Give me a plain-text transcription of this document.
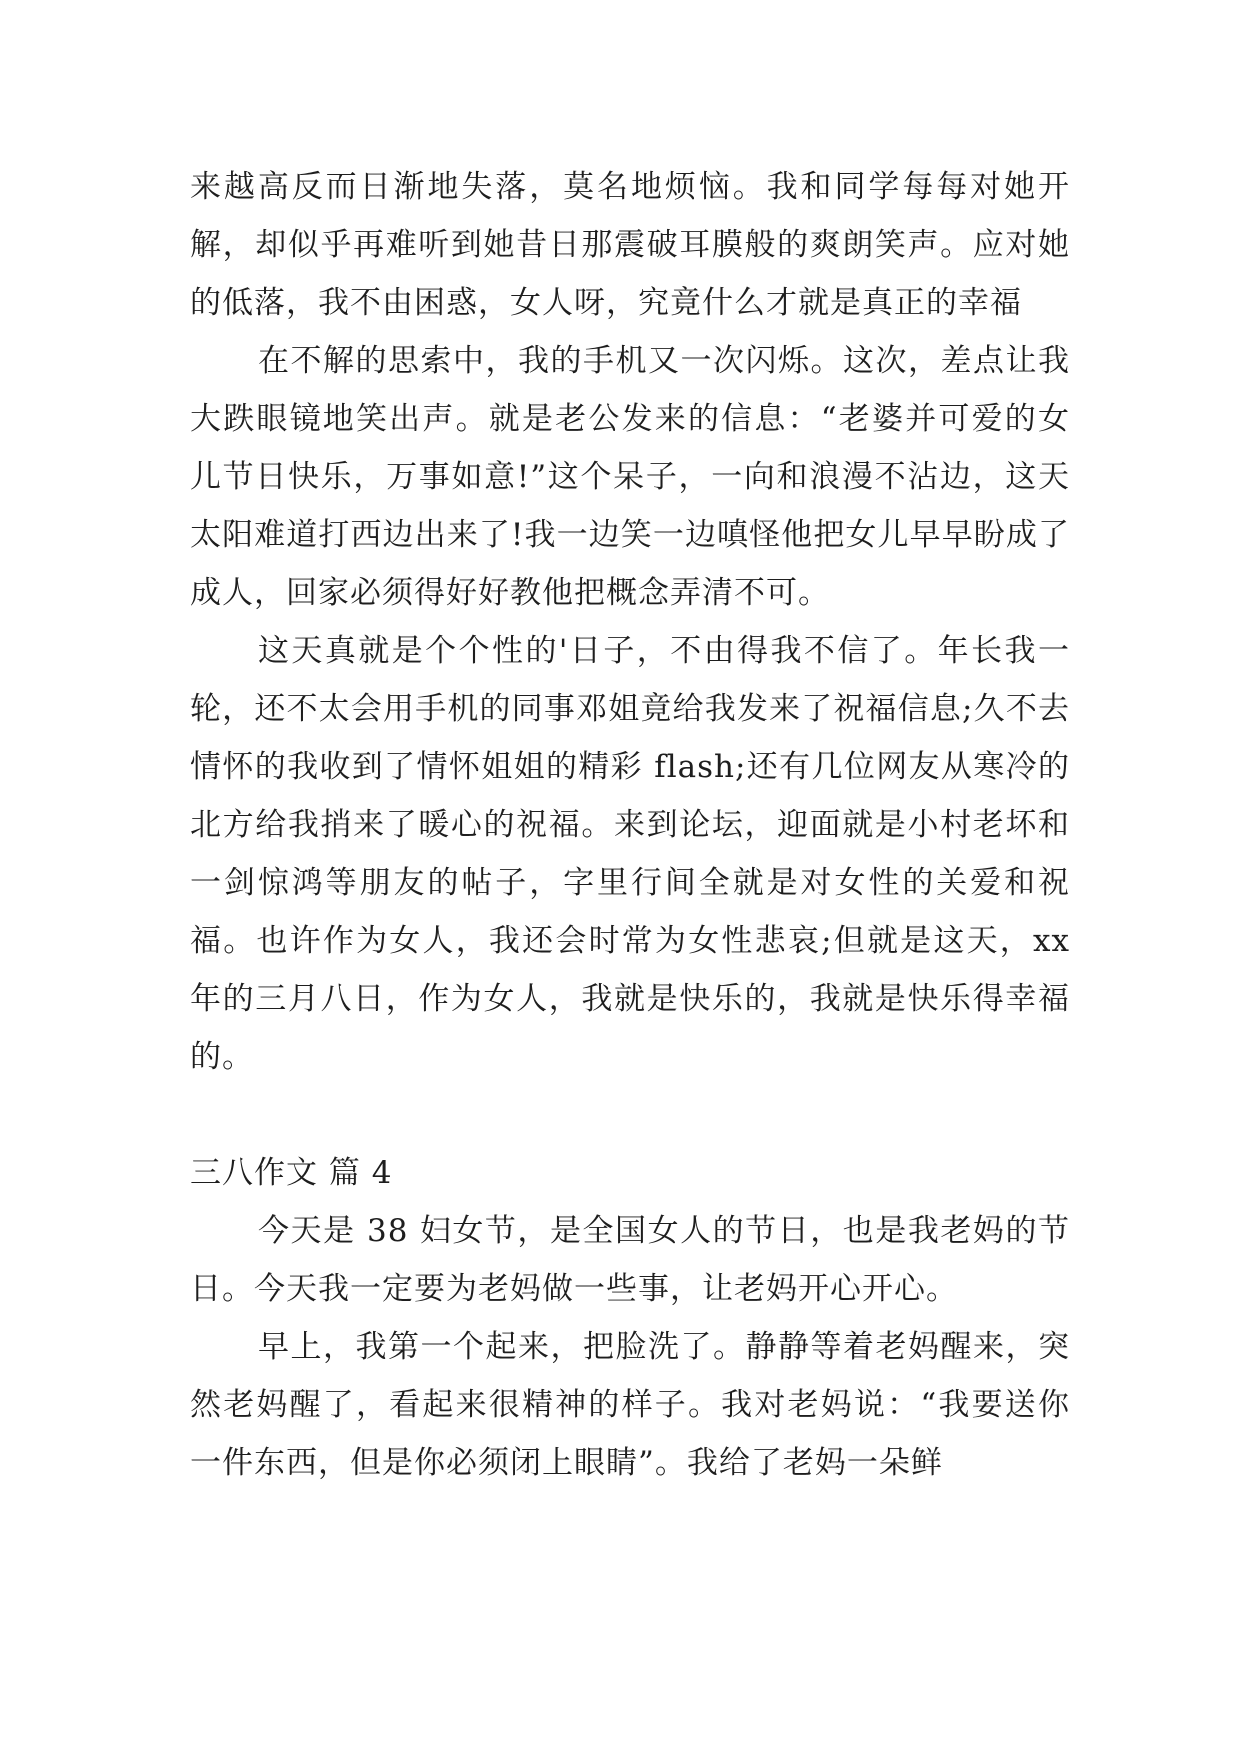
来越高反而日渐地失落，莫名地烦恼。我和同学每每对她开解，却似乎再难听到她昔日那震破耳膜般的爽朗笑声。应对她的低落，我不由困惑，女人呀，究竟什么才就是真正的幸福

在不解的思索中，我的手机又一次闪烁。这次，差点让我大跌眼镜地笑出声。就是老公发来的信息：“老婆并可爱的女儿节日快乐，万事如意!”这个呆子，一向和浪漫不沾边，这天太阳难道打西边出来了!我一边笑一边嗔怪他把女儿早早盼成了成人，回家必须得好好教他把概念弄清不可。

这天真就是个个性的'日子，不由得我不信了。年长我一轮，还不太会用手机的同事邓姐竟给我发来了祝福信息;久不去情怀的我收到了情怀姐姐的精彩 flash;还有几位网友从寒冷的北方给我捎来了暖心的祝福。来到论坛，迎面就是小村老坏和一剑惊鸿等朋友的帖子，字里行间全就是对女性的关爱和祝福。也许作为女人，我还会时常为女性悲哀;但就是这天，xx 年的三月八日，作为女人，我就是快乐的，我就是快乐得幸福的。

三八作文 篇 4

今天是 38 妇女节，是全国女人的节日，也是我老妈的节日。今天我一定要为老妈做一些事，让老妈开心开心。

早上，我第一个起来，把脸洗了。静静等着老妈醒来，突然老妈醒了，看起来很精神的样子。我对老妈说：“我要送你一件东西，但是你必须闭上眼睛”。我给了老妈一朵鲜
